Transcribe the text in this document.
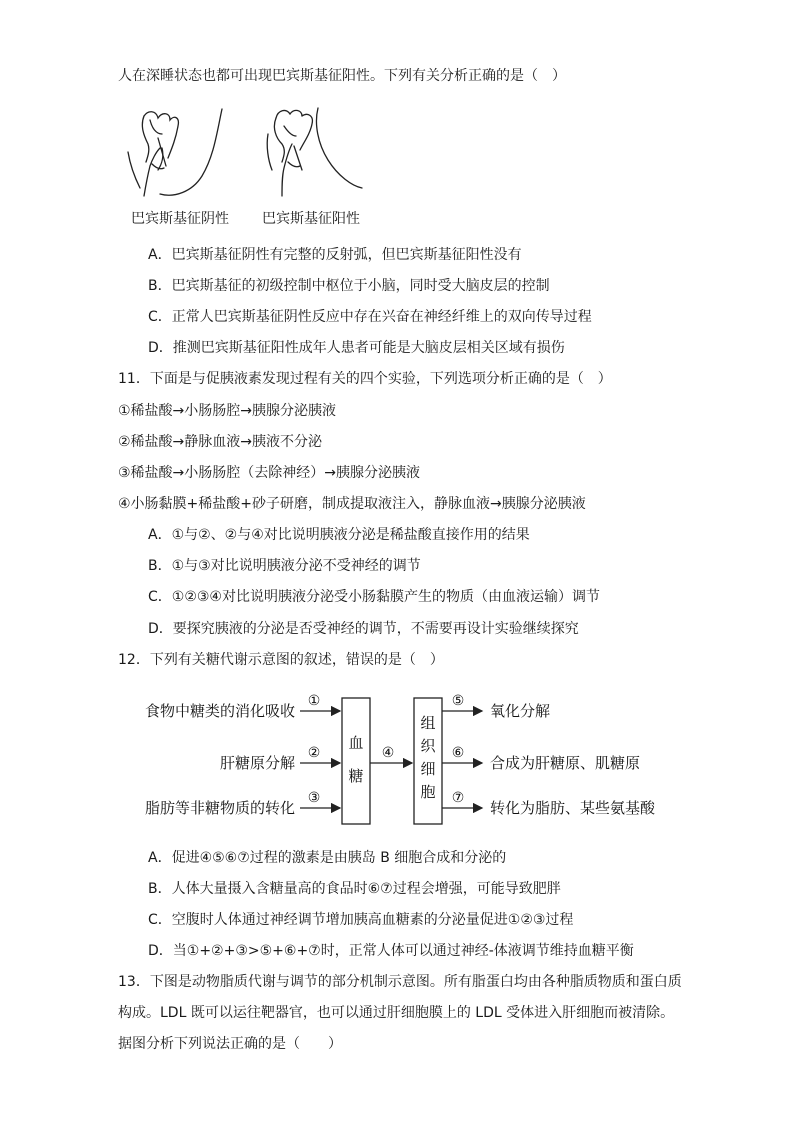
人在深睡状态也都可出现巴宾斯基征阳性。下列有关分析正确的是（　）
巴宾斯基征阴性 巴宾斯基征阳性
A．巴宾斯基征阴性有完整的反射弧，但巴宾斯基征阳性没有
B．巴宾斯基征的初级控制中枢位于小脑，同时受大脑皮层的控制
C．正常人巴宾斯基征阴性反应中存在兴奋在神经纤维上的双向传导过程
D．推测巴宾斯基征阳性成年人患者可能是大脑皮层相关区域有损伤
11．下面是与促胰液素发现过程有关的四个实验，下列选项分析正确的是（　）
①稀盐酸→小肠肠腔→胰腺分泌胰液
②稀盐酸→静脉血液→胰液不分泌
③稀盐酸→小肠肠腔（去除神经）→胰腺分泌胰液
④小肠黏膜+稀盐酸+砂子研磨，制成提取液注入，静脉血液→胰腺分泌胰液
A．①与②、②与④对比说明胰液分泌是稀盐酸直接作用的结果
B．①与③对比说明胰液分泌不受神经的调节
C．①②③④对比说明胰液分泌受小肠黏膜产生的物质（由血液运输）调节
D．要探究胰液的分泌是否受神经的调节，不需要再设计实验继续探究
12．下列有关糖代谢示意图的叙述，错误的是（　）
食物中糖类的消化吸收
肝糖原分解
脂肪等非糖物质的转化
①
②
③
血
糖
④
组
织
细
胞
⑤
⑥
⑦
氧化分解
合成为肝糖原、肌糖原
转化为脂肪、某些氨基酸
A．促进④⑤⑥⑦过程的激素是由胰岛 B 细胞合成和分泌的
B．人体大量摄入含糖量高的食品时⑥⑦过程会增强，可能导致肥胖
C．空腹时人体通过神经调节增加胰高血糖素的分泌量促进①②③过程
D．当①+②+③>⑤+⑥+⑦时，正常人体可以通过神经-体液调节维持血糖平衡
13．下图是动物脂质代谢与调节的部分机制示意图。所有脂蛋白均由各种脂质物质和蛋白质
构成。LDL 既可以运往靶器官，也可以通过肝细胞膜上的 LDL 受体进入肝细胞而被清除。
据图分析下列说法正确的是（　　）
